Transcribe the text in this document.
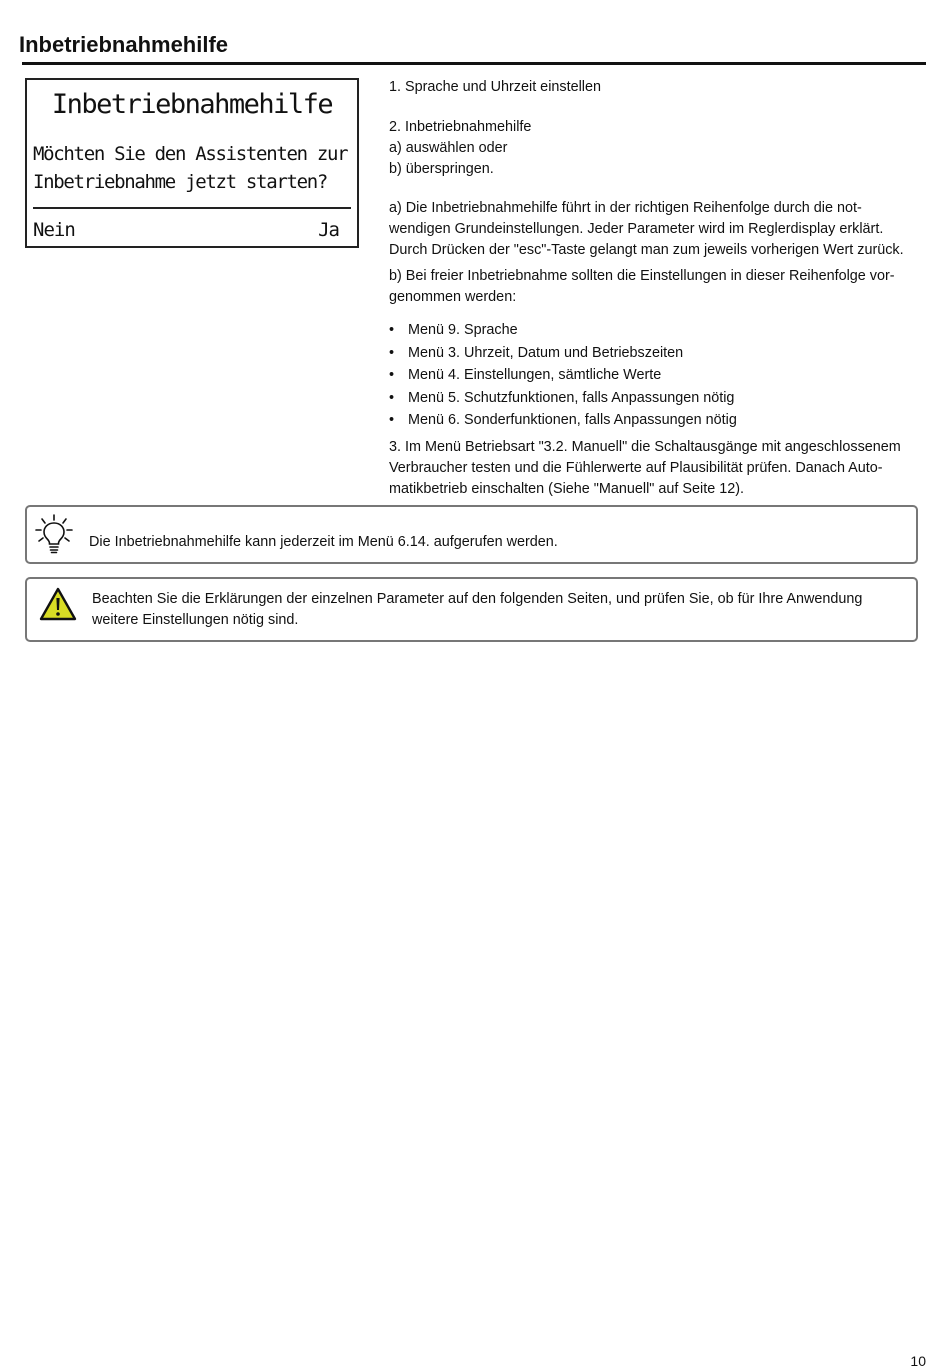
Inbetriebnahmehilfe
Inbetriebnahmehilfe
Möchten Sie den Assistenten zur
Inbetriebnahme jetzt starten?
Nein	Ja

1. Sprache und Uhrzeit einstellen

2. Inbetriebnahmehilfe
a) auswählen oder
b) überspringen.
a) Die Inbetriebnahmehilfe führt in der richtigen Reihenfolge durch die not-
wendigen Grundeinstellungen. Jeder Parameter wird im Reglerdisplay erklärt.
Durch Drücken der "esc"-Taste gelangt man zum jeweils vorherigen Wert zurück.
b) Bei freier Inbetriebnahme sollten die Einstellungen in dieser Reihenfolge vor-
genommen werden:
• Menü 9. Sprache
• Menü 3. Uhrzeit, Datum und Betriebszeiten
• Menü 4. Einstellungen, sämtliche Werte
• Menü 5. Schutzfunktionen, falls Anpassungen nötig
• Menü 6. Sonderfunktionen, falls Anpassungen nötig
3. Im Menü Betriebsart "3.2. Manuell" die Schaltausgänge mit angeschlossenem
Verbraucher testen und die Fühlerwerte auf Plausibilität prüfen. Danach Auto-
matikbetrieb einschalten (Siehe "Manuell" auf Seite 12).
Die Inbetriebnahmehilfe kann jederzeit im Menü 6.14. aufgerufen werden.
Beachten Sie die Erklärungen der einzelnen Parameter auf den folgenden Seiten, und prüfen Sie, ob für Ihre Anwendung weitere Einstellungen nötig sind.
10
